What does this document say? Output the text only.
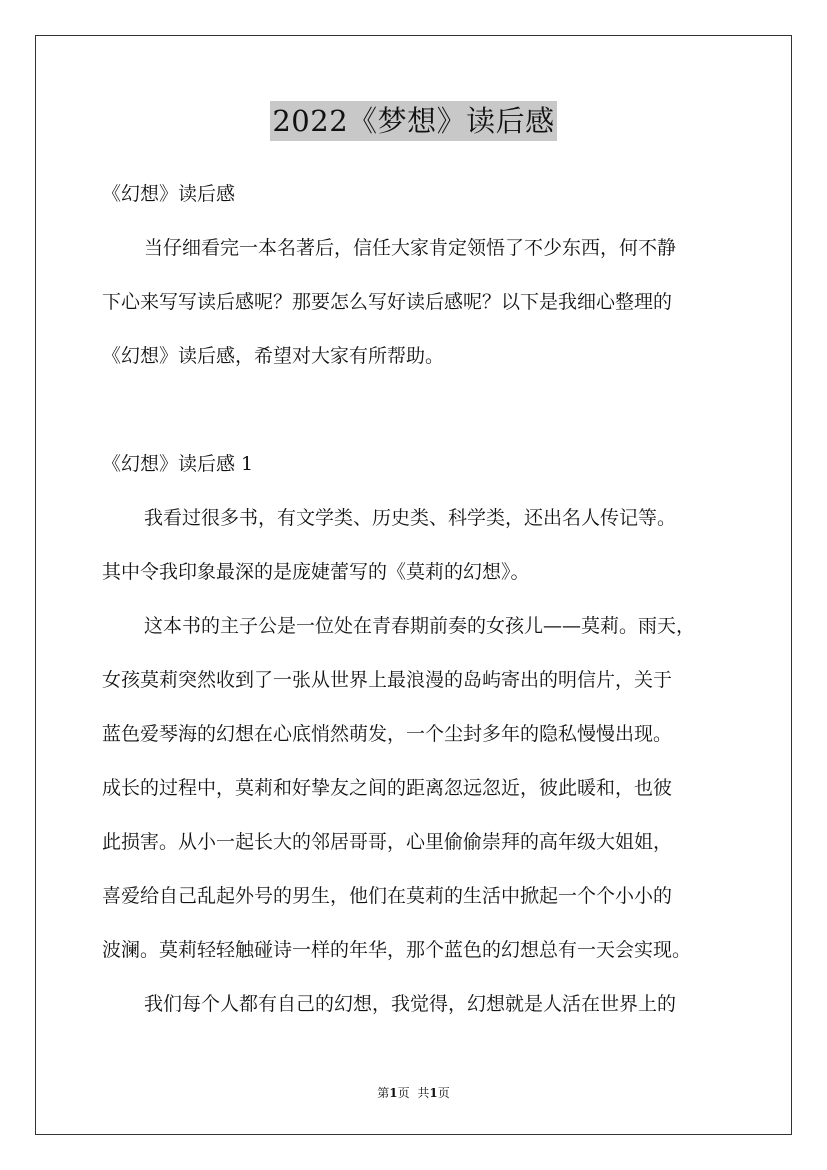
2022《梦想》读后感
《幻想》读后感
当仔细看完一本名著后，信任大家肯定领悟了不少东西，何不静
下心来写写读后感呢？那要怎么写好读后感呢？以下是我细心整理的
《幻想》读后感，希望对大家有所帮助。
《幻想》读后感 1
我看过很多书，有文学类、历史类、科学类，还出名人传记等。
其中令我印象最深的是庞婕蕾写的《莫莉的幻想》。
这本书的主子公是一位处在青春期前奏的女孩儿——莫莉。雨天，
女孩莫莉突然收到了一张从世界上最浪漫的岛屿寄出的明信片，关于
蓝色爱琴海的幻想在心底悄然萌发，一个尘封多年的隐私慢慢出现。
成长的过程中，莫莉和好挚友之间的距离忽远忽近，彼此暖和，也彼
此损害。从小一起长大的邻居哥哥，心里偷偷崇拜的高年级大姐姐，
喜爱给自己乱起外号的男生，他们在莫莉的生活中掀起一个个小小的
波澜。莫莉轻轻触碰诗一样的年华，那个蓝色的幻想总有一天会实现。
我们每个人都有自己的幻想，我觉得，幻想就是人活在世界上的
第1页 共1页
